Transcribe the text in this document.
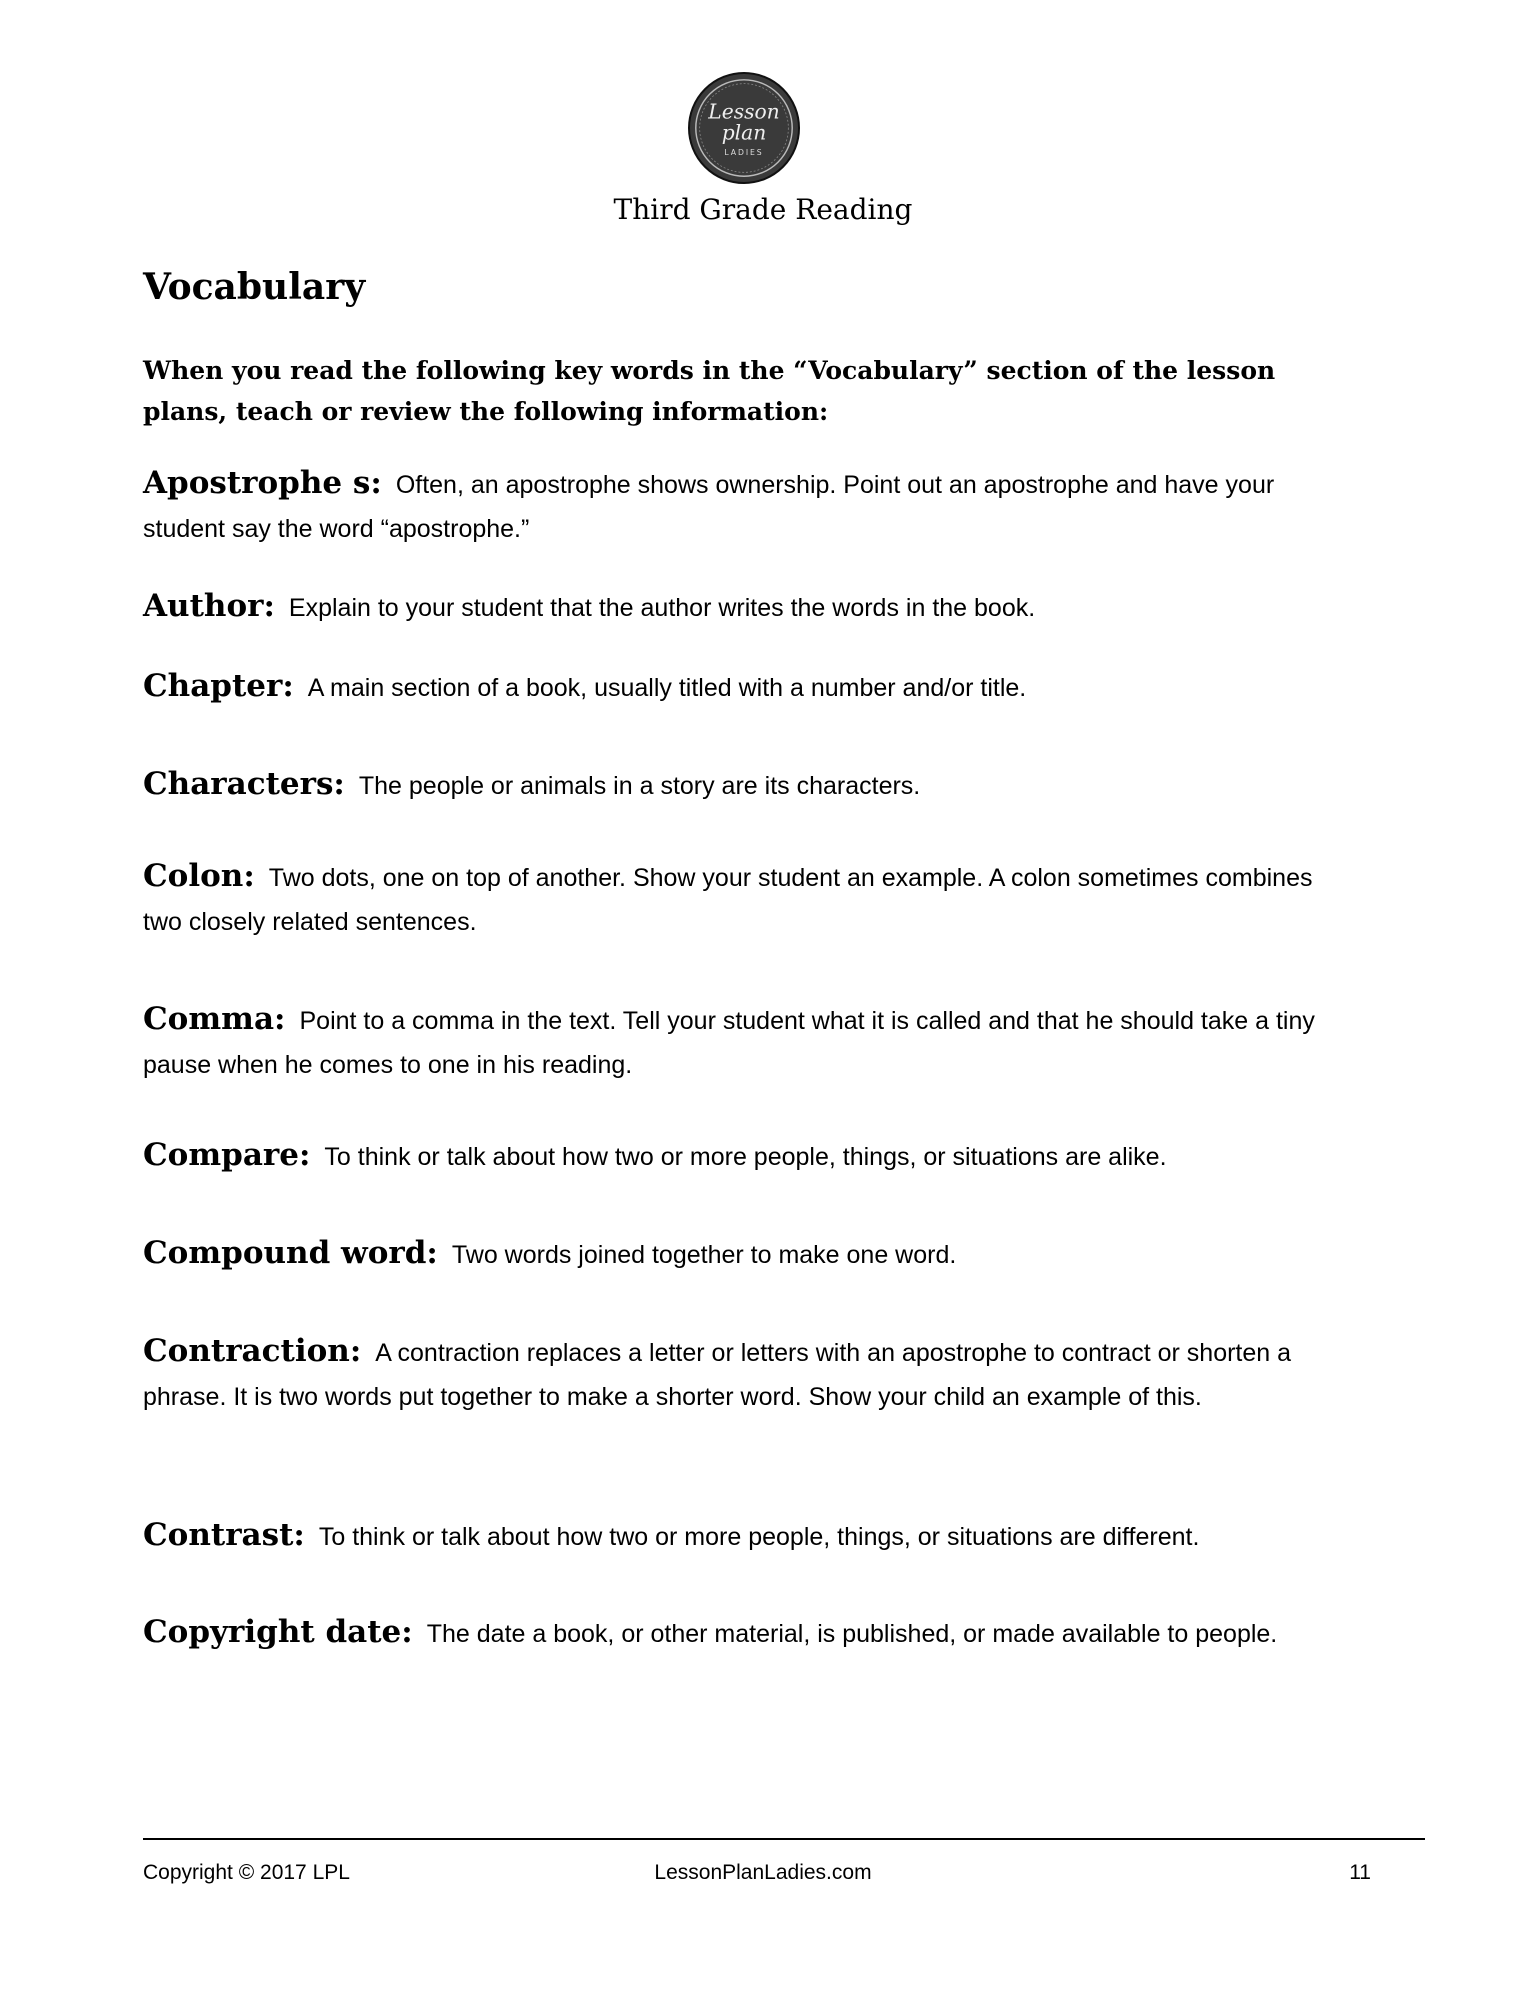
Lesson
plan
LADIES
Third Grade Reading
Vocabulary
When you read the following key words in the “Vocabulary” section of the lesson plans, teach or review the following information:
Apostrophe s: Often, an apostrophe shows ownership. Point out an apostrophe and have your student say the word “apostrophe.”
Author: Explain to your student that the author writes the words in the book.
Chapter: A main section of a book, usually titled with a number and/or title.
Characters: The people or animals in a story are its characters.
Colon: Two dots, one on top of another. Show your student an example. A colon sometimes combines two closely related sentences.
Comma: Point to a comma in the text. Tell your student what it is called and that he should take a tiny pause when he comes to one in his reading.
Compare: To think or talk about how two or more people, things, or situations are alike.
Compound word: Two words joined together to make one word.
Contraction: A contraction replaces a letter or letters with an apostrophe to contract or shorten a phrase. It is two words put together to make a shorter word. Show your child an example of this.
Contrast: To think or talk about how two or more people, things, or situations are different.
Copyright date: The date a book, or other material, is published, or made available to people.
Copyright © 2017 LPL	LessonPlanLadies.com	11
